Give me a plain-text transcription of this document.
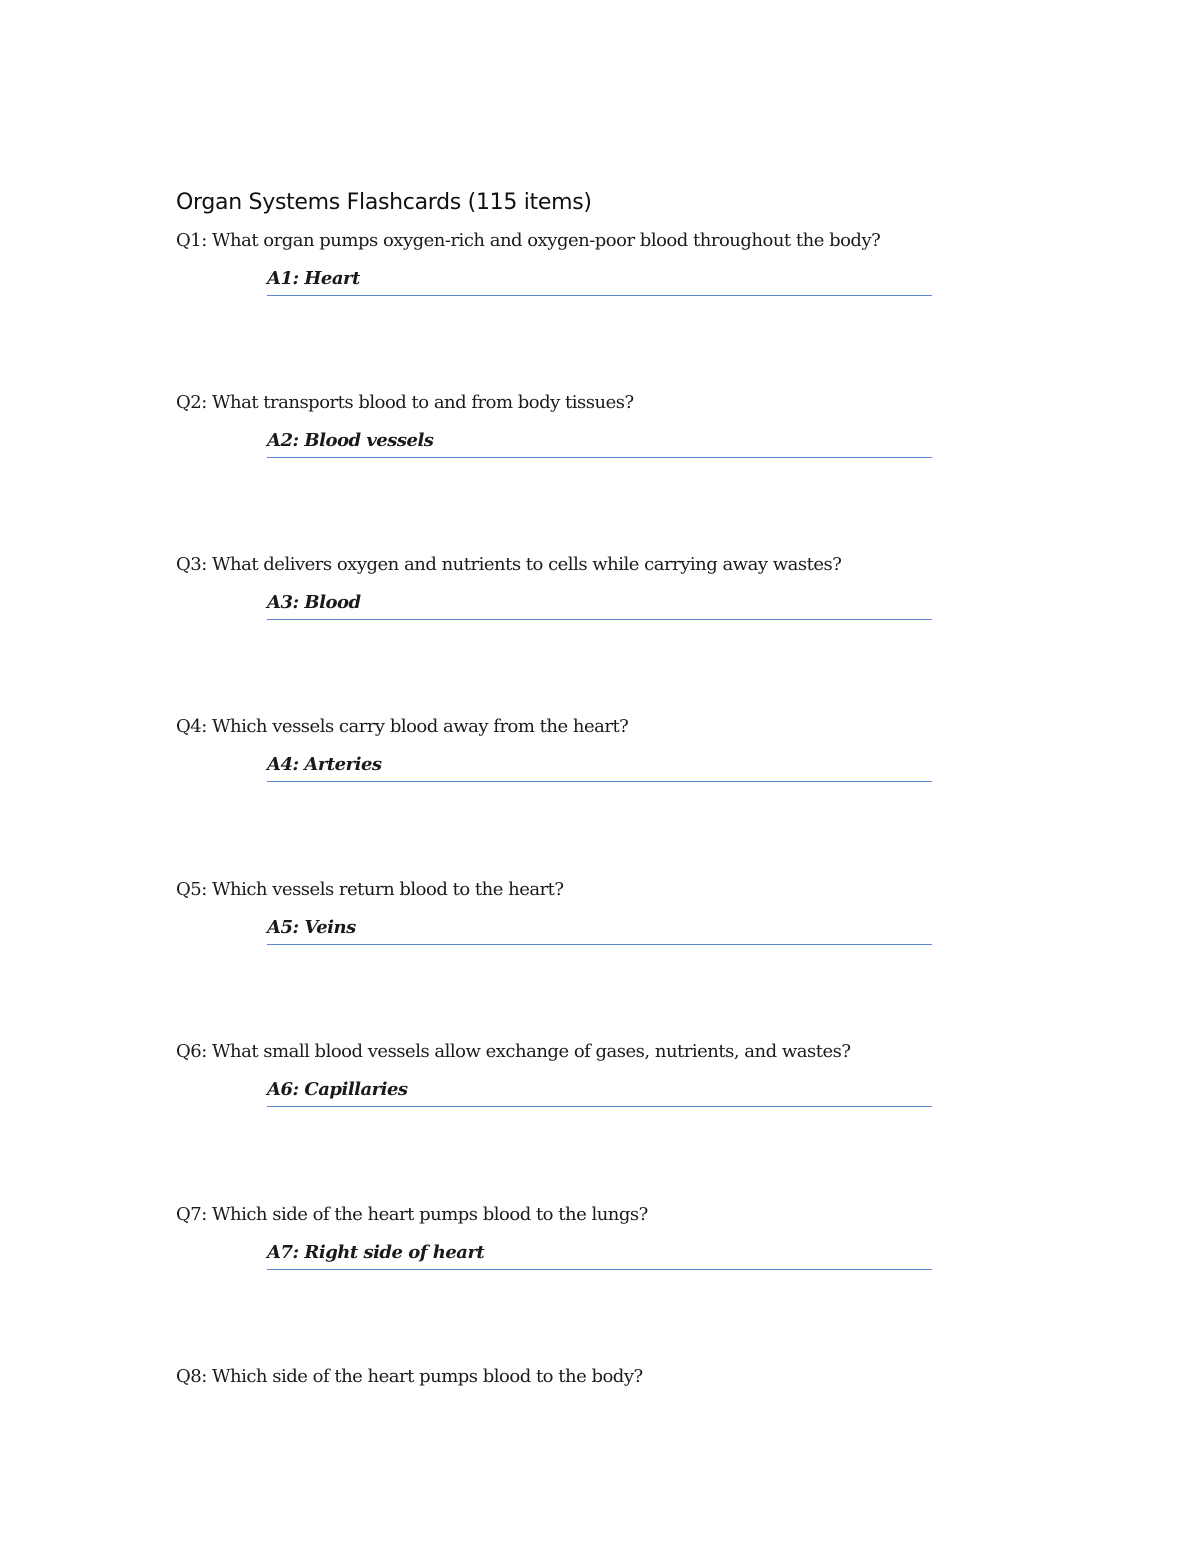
Organ Systems Flashcards (115 items)
Q1: What organ pumps oxygen-rich and oxygen-poor blood throughout the body?
A1: Heart
Q2: What transports blood to and from body tissues?
A2: Blood vessels
Q3: What delivers oxygen and nutrients to cells while carrying away wastes?
A3: Blood
Q4: Which vessels carry blood away from the heart?
A4: Arteries
Q5: Which vessels return blood to the heart?
A5: Veins
Q6: What small blood vessels allow exchange of gases, nutrients, and wastes?
A6: Capillaries
Q7: Which side of the heart pumps blood to the lungs?
A7: Right side of heart
Q8: Which side of the heart pumps blood to the body?
